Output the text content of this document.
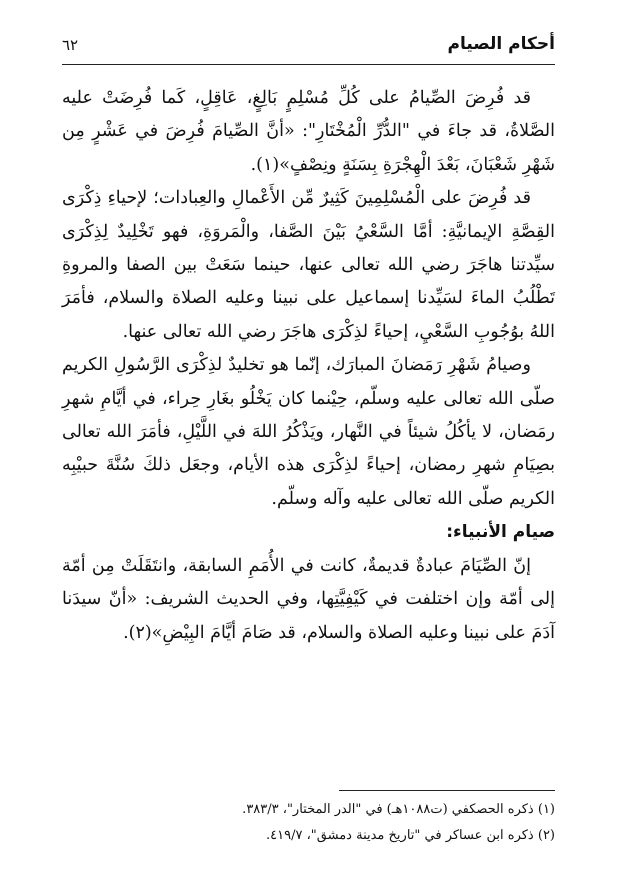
أحكام الصيام
٦٢

قد فُرِضَ الصِّيامُ على كُلِّ مُسْلِمٍ بَالِغٍ، عَاقِلٍ، كَما فُرِضَتْ عليه الصَّلاةُ، قد جاءَ في "الدُّرِّ الْمُخْتَارِ": «أنَّ الصِّيامَ فُرِضَ في عَشْرٍ مِن شَهْرِ شَعْبَانَ، بَعْدَ الْهِجْرَةِ بِسَنَةٍ ونِصْفٍ»(١).

قد فُرِضَ على الْمُسْلِمِينَ كَثِيرٌ مِّن الأَعْمالِ والعِبادات؛ لإحياءِ ذِكْرَى القِصَّةِ الإيمانيَّةِ: أمَّا السَّعْيُ بَيْنَ الصَّفا، والْمَروَةِ، فهو تَخْلِيدٌ لِذِكْرَى سيِّدتنا هاجَرَ رضي الله تعالى عنها، حينما سَعَتْ بين الصفا والمروةِ تَطْلُبُ الماءَ لسَيِّدنا إسماعيل على نبينا وعليه الصلاة والسلام، فأمَرَ اللهُ بوُجُوبِ السَّعْيِ، إحياءً لذِكْرَى هاجَرَ رضي الله تعالى عنها.

وصيامُ شَهْرِ رَمَضانَ المبارَك، إنّما هو تخليدٌ لذِكْرَى الرَّسُولِ الكريم صلّى الله تعالى عليه وسلّم، حِيْنما كان يَخْلُو بغَارِ حِراء، في أيَّامِ شهرِ رمَضان، لا يأكُلُ شيئاً في النَّهار، ويَذْكُرُ اللهَ في اللَّيْلِ، فأمَرَ الله تعالى بصِيَامِ شهرِ رمضان، إحياءً لذِكْرَى هذه الأيام، وجعَل ذلكَ سُنَّةَ حبيْبِه الكريم صلّى الله تعالى عليه وآله وسلّم.

صيام الأنبياء:

إنّ الصِّيَامَ عبادةٌ قديمةٌ، كانت في الأُمَمِ السابقة، وانتَقَلَتْ مِن أمّة إلى أمّة وإن اختلفت في كَيْفِيَّتِها، وفي الحديث الشريف: «أنّ سيدَنا آدَمَ على نبينا وعليه الصلاة والسلام، قد صَامَ أيَّامَ البِيْضِ»(٢).

(١) ذكره الحصكفي (ت١٠٨٨هـ) في "الدر المختار"، ٣٨٣/٣.

(٢) ذكره ابن عساكر في "تاريخ مدينة دمشق"، ٤١٩/٧.
